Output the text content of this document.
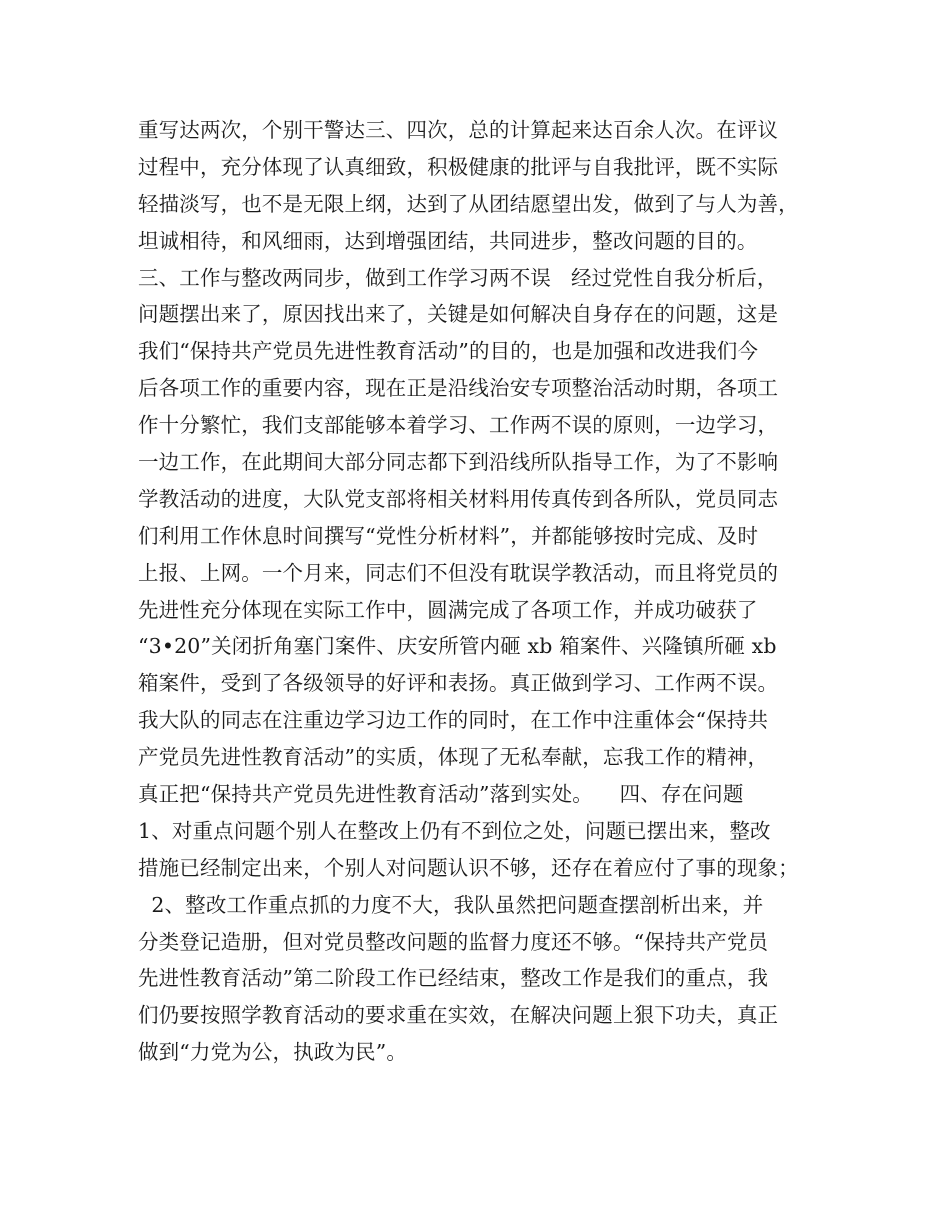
重写达两次，个别干警达三、四次，总的计算起来达百余人次。在评议
过程中，充分体现了认真细致，积极健康的批评与自我批评，既不实际
轻描淡写，也不是无限上纲，达到了从团结愿望出发，做到了与人为善，
坦诚相待，和风细雨，达到增强团结，共同进步，整改问题的目的。
三、工作与整改两同步，做到工作学习两不误   经过党性自我分析后，
问题摆出来了，原因找出来了，关键是如何解决自身存在的问题，这是
我们“保持共产党员先进性教育活动”的目的，也是加强和改进我们今
后各项工作的重要内容，现在正是沿线治安专项整治活动时期，各项工
作十分繁忙，我们支部能够本着学习、工作两不误的原则，一边学习，
一边工作，在此期间大部分同志都下到沿线所队指导工作，为了不影响
学教活动的进度，大队党支部将相关材料用传真传到各所队，党员同志
们利用工作休息时间撰写“党性分析材料”，并都能够按时完成、及时
上报、上网。一个月来，同志们不但没有耽误学教活动，而且将党员的
先进性充分体现在实际工作中，圆满完成了各项工作，并成功破获了
“3•20”关闭折角塞门案件、庆安所管内砸 xb 箱案件、兴隆镇所砸 xb
箱案件，受到了各级领导的好评和表扬。真正做到学习、工作两不误。
我大队的同志在注重边学习边工作的同时，在工作中注重体会“保持共
产党员先进性教育活动”的实质，体现了无私奉献，忘我工作的精神，
真正把“保持共产党员先进性教育活动”落到实处。    四、存在问题
1、对重点问题个别人在整改上仍有不到位之处，问题已摆出来，整改
措施已经制定出来，个别人对问题认识不够，还存在着应付了事的现象；
2、整改工作重点抓的力度不大，我队虽然把问题查摆剖析出来，并
分类登记造册，但对党员整改问题的监督力度还不够。“保持共产党员
先进性教育活动”第二阶段工作已经结束，整改工作是我们的重点，我
们仍要按照学教育活动的要求重在实效，在解决问题上狠下功夫，真正
做到“力党为公，执政为民”。
